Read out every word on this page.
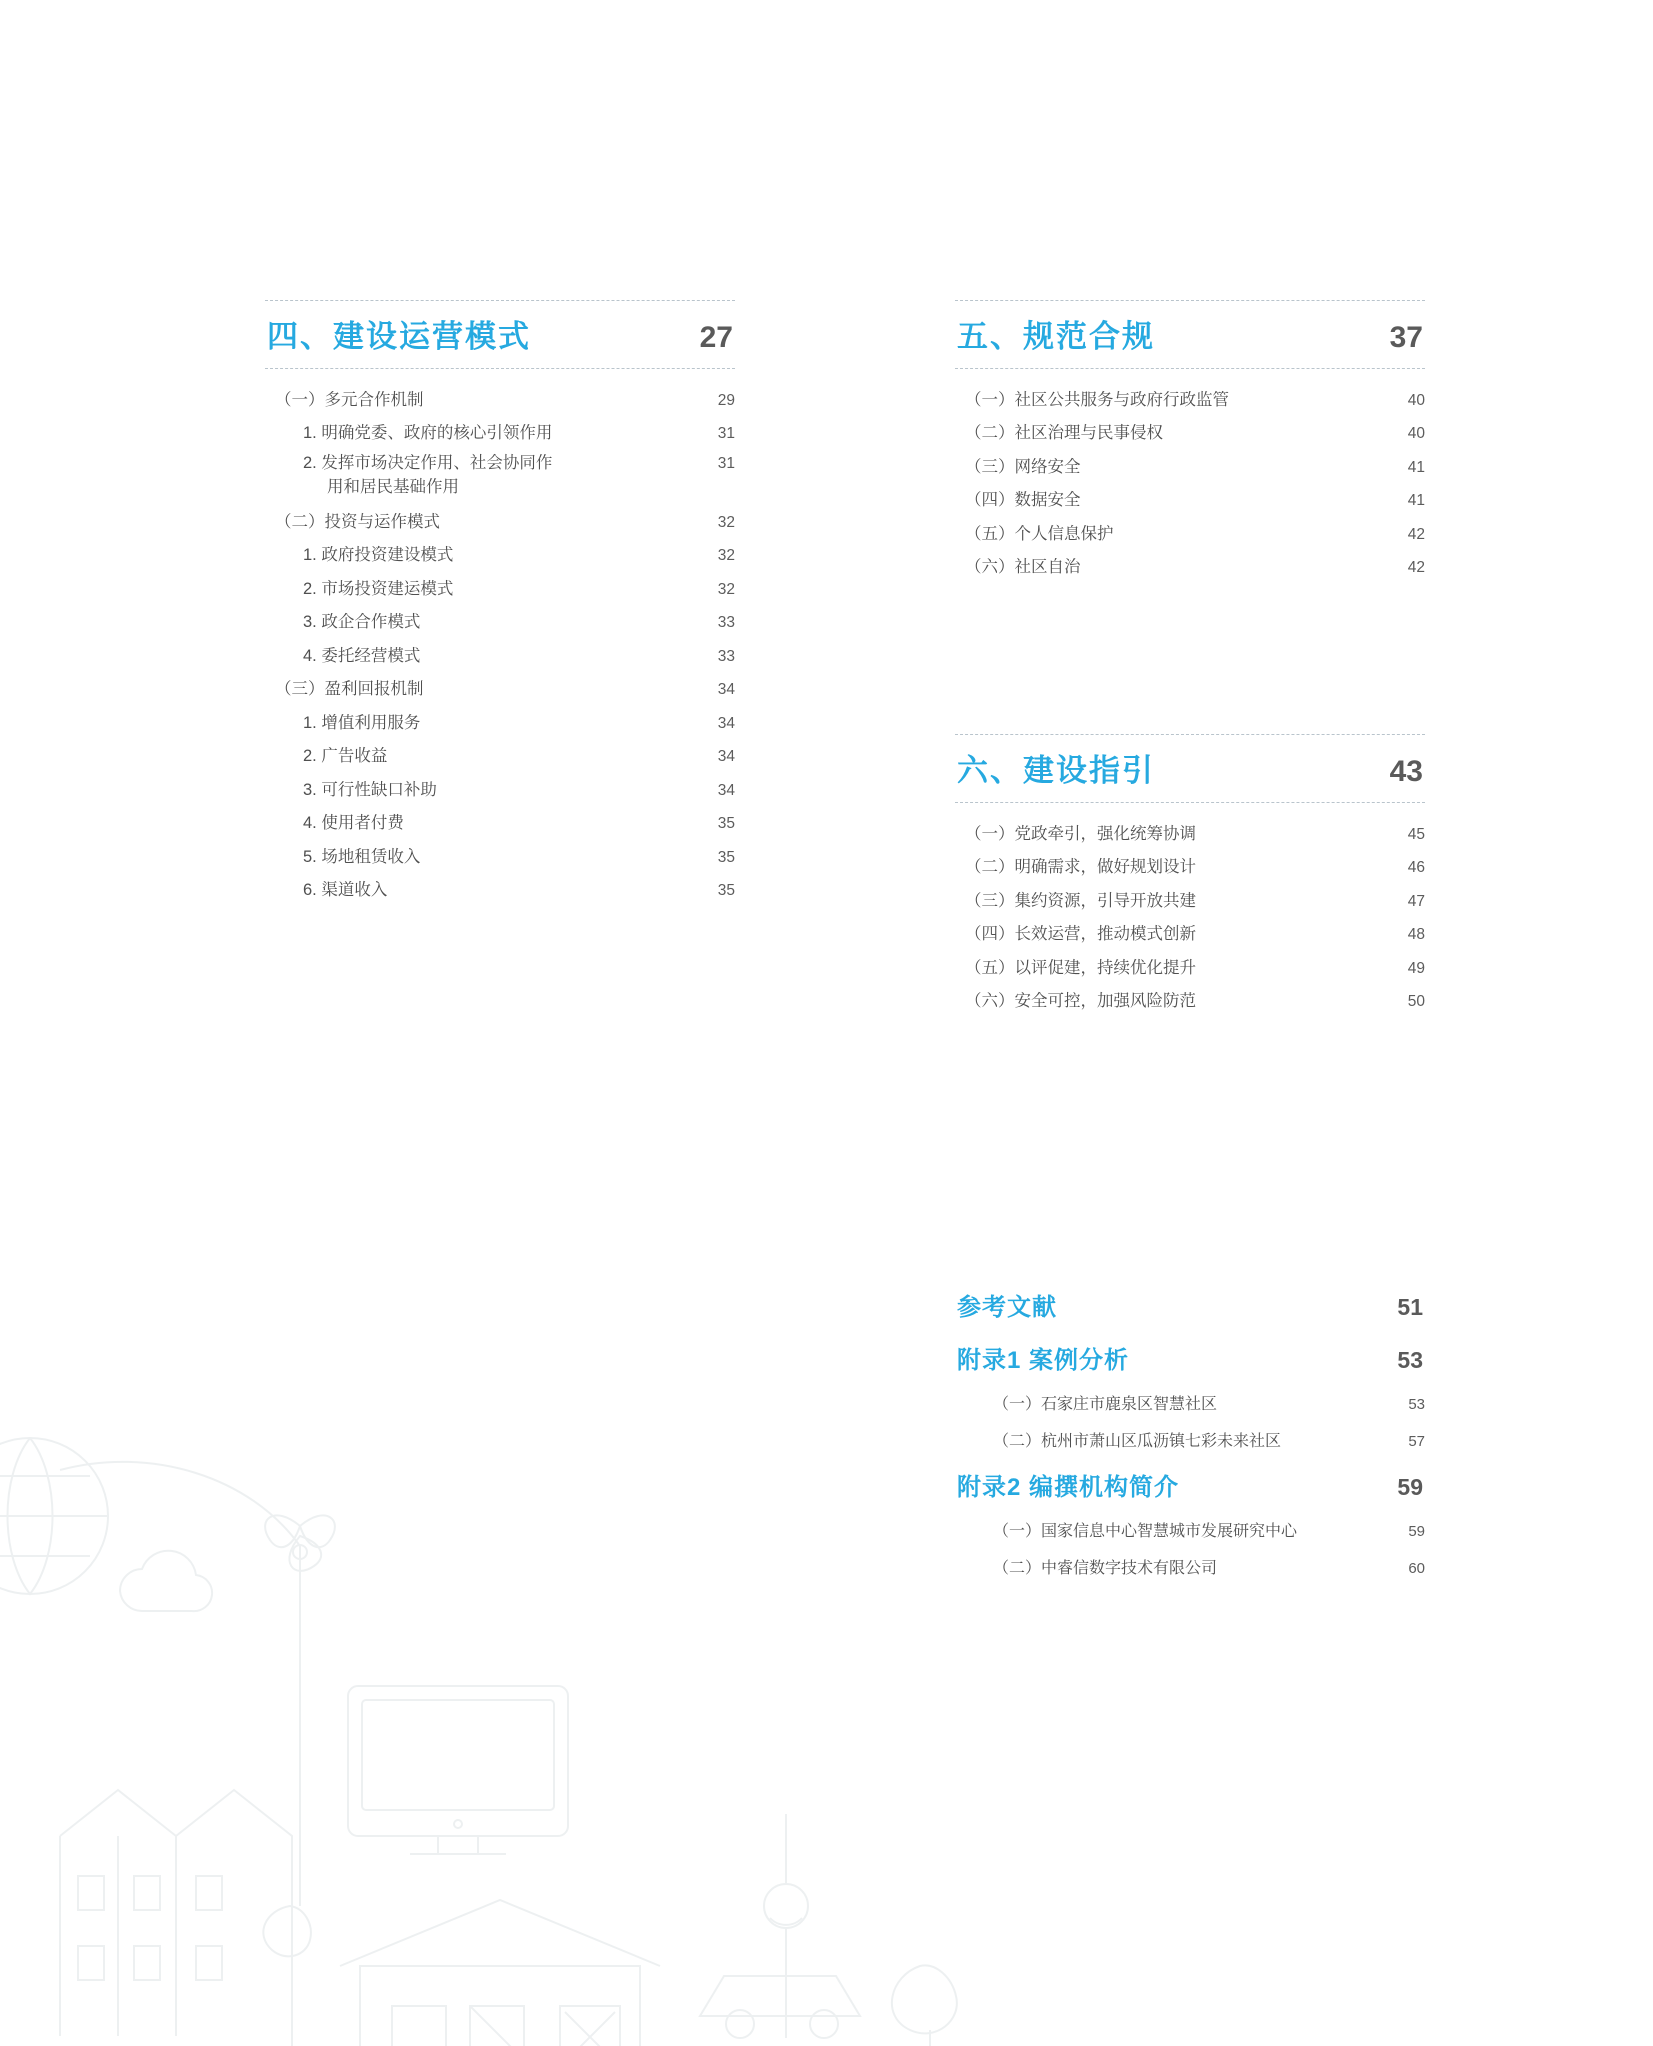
四、建设运营模式	27
（一）多元合作机制	29
1. 明确党委、政府的核心引领作用	31
2. 发挥市场决定作用、社会协同作	31
用和居民基础作用
（二）投资与运作模式	32
1. 政府投资建设模式	32
2. 市场投资建运模式	32
3. 政企合作模式	33
4. 委托经营模式	33
（三）盈利回报机制	34
1. 增值利用服务	34
2. 广告收益	34
3. 可行性缺口补助	34
4. 使用者付费	35
5. 场地租赁收入	35
6. 渠道收入	35
五、规范合规	37
（一）社区公共服务与政府行政监管	40
（二）社区治理与民事侵权	40
（三）网络安全	41
（四）数据安全	41
（五）个人信息保护	42
（六）社区自治	42
六、建设指引	43
（一）党政牵引，强化统筹协调	45
（二）明确需求，做好规划设计	46
（三）集约资源，引导开放共建	47
（四）长效运营，推动模式创新	48
（五）以评促建，持续优化提升	49
（六）安全可控，加强风险防范	50
参考文献	51
附录1 案例分析	53
（一）石家庄市鹿泉区智慧社区	53
（二）杭州市萧山区瓜沥镇七彩未来社区	57
附录2 编撰机构简介	59
（一）国家信息中心智慧城市发展研究中心	59
（二）中睿信数字技术有限公司	60
